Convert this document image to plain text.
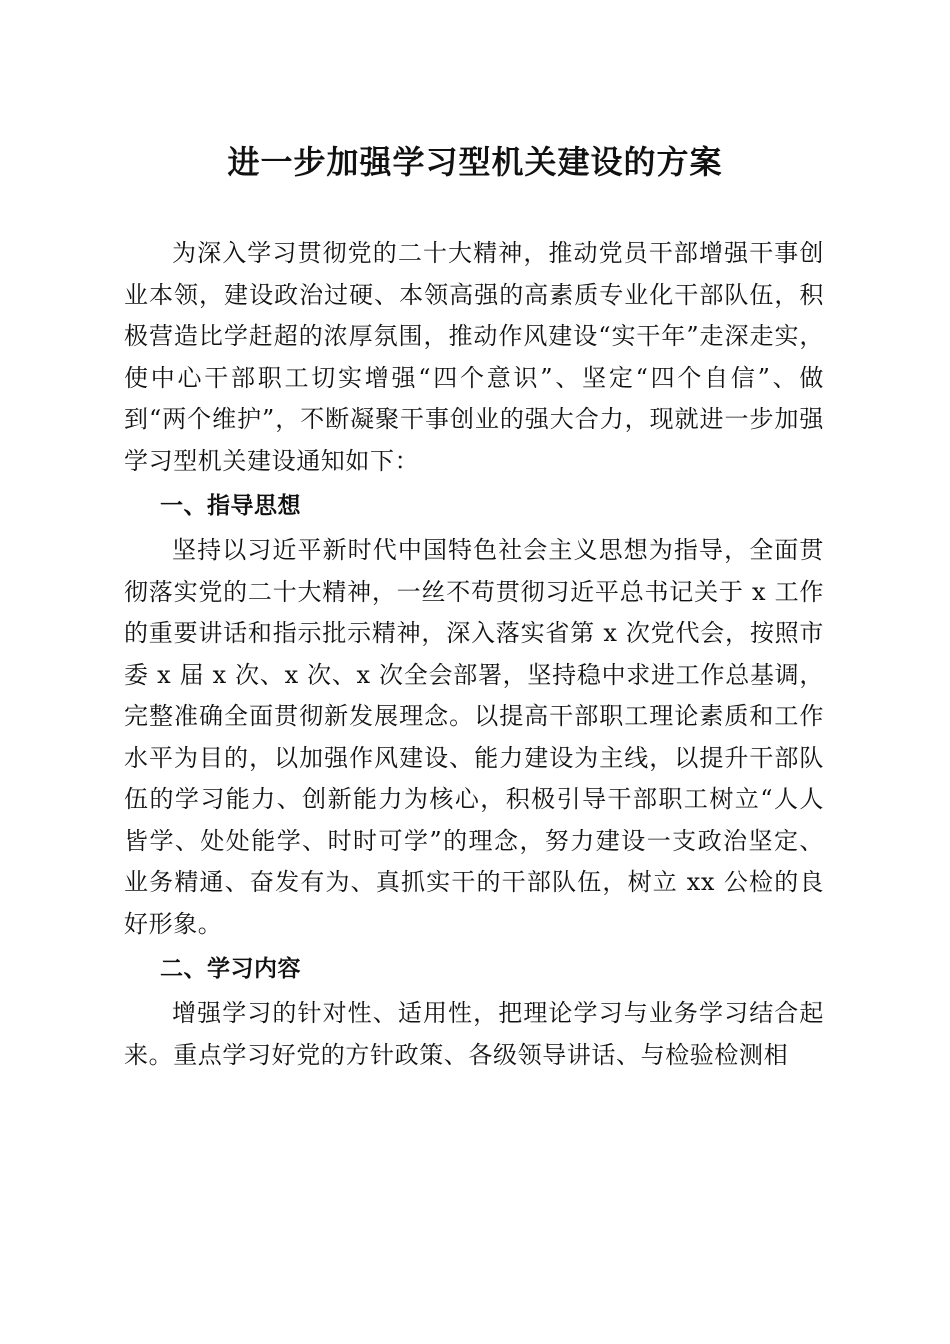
进一步加强学习型机关建设的方案

为深入学习贯彻党的二十大精神，推动党员干部增强干事创业本领，建设政治过硬、本领高强的高素质专业化干部队伍，积极营造比学赶超的浓厚氛围，推动作风建设“实干年”走深走实，使中心干部职工切实增强“四个意识”、坚定“四个自信”、做到“两个维护”，不断凝聚干事创业的强大合力，现就进一步加强学习型机关建设通知如下：

一、指导思想

坚持以习近平新时代中国特色社会主义思想为指导，全面贯彻落实党的二十大精神，一丝不苟贯彻习近平总书记关于 x 工作的重要讲话和指示批示精神，深入落实省第 x 次党代会，按照市委 x 届 x 次、x 次、x 次全会部署，坚持稳中求进工作总基调，完整准确全面贯彻新发展理念。以提高干部职工理论素质和工作水平为目的，以加强作风建设、能力建设为主线，以提升干部队伍的学习能力、创新能力为核心，积极引导干部职工树立“人人皆学、处处能学、时时可学”的理念，努力建设一支政治坚定、业务精通、奋发有为、真抓实干的干部队伍，树立 xx 公检的良好形象。

二、学习内容

增强学习的针对性、适用性，把理论学习与业务学习结合起来。重点学习好党的方针政策、各级领导讲话、与检验检测相
